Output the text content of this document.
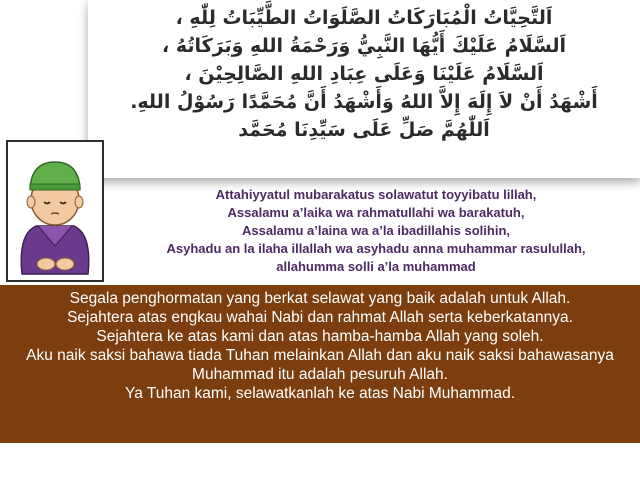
اَلتَّحِيَّاتُ الْمُبَارَكَاتُ الصَّلَوَاتُ الطَّيِّبَاتُ لِلّٰهِ ،
اَلسَّلَامُ عَلَيْكَ أَيُّهَا النَّبِيُّ وَرَحْمَةُ اللهِ وَبَرَكَاتُهُ ،
اَلسَّلَامُ عَلَيْنَا وَعَلَى عِبَادِ اللهِ الصَّالِحِيْنَ ،
أَشْهَدُ أَنْ لاَ إِلَهَ إِلاَّ اللهُ وَأَشْهَدُ أَنَّ مُحَمَّدًا رَسُوْلُ اللهِ.
اَللّٰهُمَّ صَلِّ عَلَى سَيِّدِنَا مُحَمَّد
Attahiyyatul mubarakatus solawatut toyyibatu lillah,
Assalamu a’laika wa rahmatullahi wa barakatuh,
Assalamu a’laina wa a’la ibadillahis solihin,
Asyhadu an la ilaha illallah wa asyhadu anna muhammar rasulullah,
allahumma solli a’la muhammad
Segala penghormatan yang berkat selawat yang baik adalah untuk Allah.
Sejahtera atas engkau wahai Nabi dan rahmat Allah serta keberkatannya.
Sejahtera ke atas kami dan atas hamba-hamba Allah yang soleh.
Aku naik saksi bahawa tiada Tuhan melainkan Allah dan aku naik saksi bahawasanya Muhammad itu adalah pesuruh Allah.
Ya Tuhan kami, selawatkanlah ke atas Nabi Muhammad.
